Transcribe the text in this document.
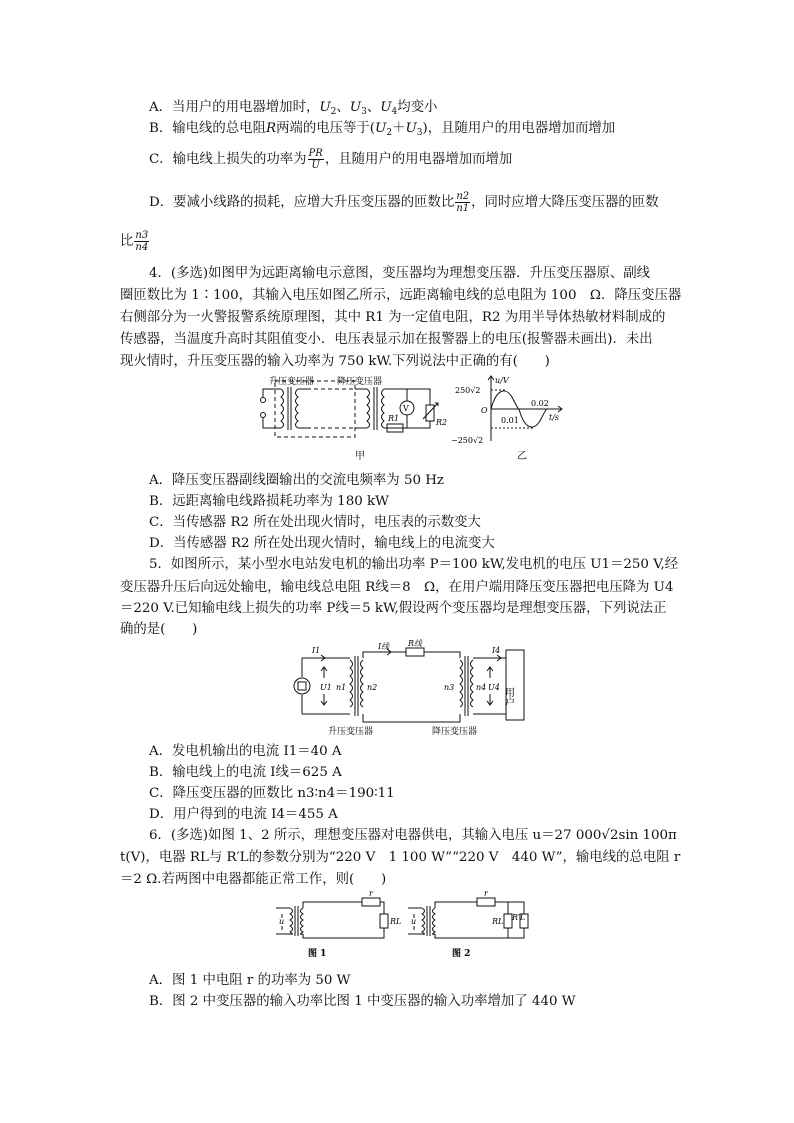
A．当用户的用电器增加时，$U_2$、$U_3$、$U_4$均变小
B．输电线的总电阻R两端的电压等于$(U_2+U_3)$，且随用户的用电器增加而增加
C．输电线上损失的功率为 $\frac{PR}{U}$ ，且随用户的用电器增加而增加
D．要减小线路的损耗，应增大升压变压器的匝数比 $\frac{n2}{n1}$ ，同时应增大降压变压器的匝数
比 $\frac{n3}{n4}$
4．(多选)如图甲为远距离输电示意图，变压器均为理想变压器．升压变压器原、副线
圈匝数比为 1∶100，其输入电压如图乙所示，远距离输电线的总电阻为 100　Ω．降压变压器
右侧部分为一火警报警系统原理图，其中 R1 为一定值电阻，R2 为用半导体热敏材料制成的
传感器，当温度升高时其阻值变小．电压表显示加在报警器上的电压(报警器未画出)．未出
现火情时，升压变压器的输入功率为 750 kW.下列说法中正确的有(　　)
V
升压变压器	降压变压器
R1	R2
甲
u/V
250√2
O
−250√2
0.01
0.02
t/s
乙
A．降压变压器副线圈输出的交流电频率为 50 Hz
B．远距离输电线路损耗功率为 180 kW
C．当传感器 R2 所在处出现火情时，电压表的示数变大
D．当传感器 R2 所在处出现火情时，输电线上的电流变大
5．如图所示，某小型水电站发电机的输出功率 P＝100 kW,发电机的电压 U1＝250 V,经
变压器升压后向远处输电，输电线总电阻 R线＝8　Ω，在用户端用降压变压器把电压降为 U4
＝220 V.已知输电线上损失的功率 P线＝5 kW,假设两个变压器均是理想变压器，下列说法正
确的是(　　)
I1	I线 R线
I4
U1 n1	n2	n3	n4 U4 用户
升压变压器	降压变压器
A．发电机输出的电流 I1＝40 A
B．输电线上的电流 I线＝625 A
C．降压变压器的匝数比 n3∶n4＝190∶11
D．用户得到的电流 I4＝455 A
6．(多选)如图 1、2 所示，理想变压器对电器供电，其输入电压 u＝27 000√2sin 100π
t(V)，电器 RL与 R′L的参数分别为“220 V　1 100 W”“220 V　440 W”，输电线的总电阻 r
＝2 Ω.若两图中电器都能正常工作，则(　　)
u
r
RL u
r
RL R′L
图 1	图 2
A．图 1 中电阻 r 的功率为 50 W
B．图 2 中变压器的输入功率比图 1 中变压器的输入功率增加了 440 W
